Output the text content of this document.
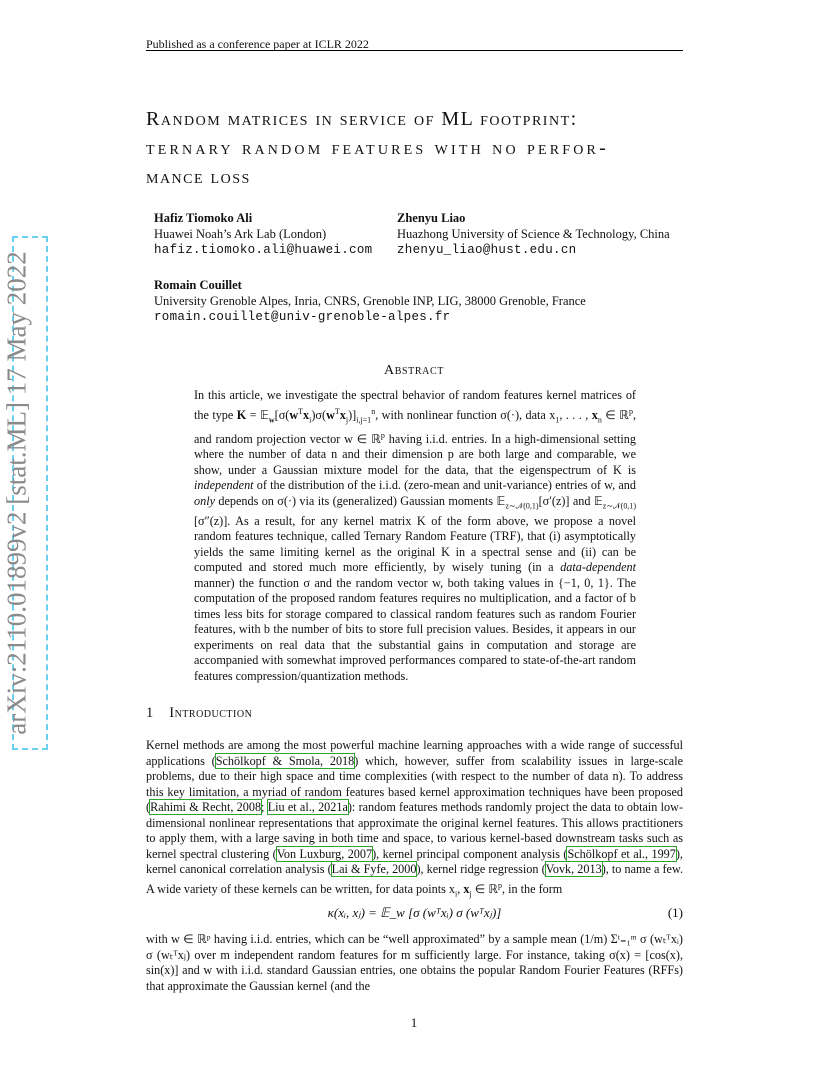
arXiv:2110.01899v2 [stat.ML] 17 May 2022
Published as a conference paper at ICLR 2022
Random matrices in service of ML footprint:
ternary random features with no perfor-
mance loss
Hafiz Tiomoko Ali
Huawei Noah’s Ark Lab (London)
hafiz.tiomoko.ali@huawei.com
Zhenyu Liao
Huazhong University of Science & Technology, China
zhenyu_liao@hust.edu.cn
Romain Couillet
University Grenoble Alpes, Inria, CNRS, Grenoble INP, LIG, 38000 Grenoble, France
romain.couillet@univ-grenoble-alpes.fr
Abstract

In this article, we investigate the spectral behavior of random features kernel matrices of the type $K = 𝔼_w[\sigma(w^Tx_i)\sigma(w^Tx_j)]_{i,j=1}^n$, with nonlinear function σ(·), data $x_1$, . . . , $x_n$ ∈ ℝ$^p$, and random projection vector w ∈ ℝ$^p$ having i.i.d. entries. In a high-dimensional setting where the number of data n and their dimension p are both large and comparable, we show, under a Gaussian mixture model for the data, that the eigenspectrum of K is independent of the distribution of the i.i.d. (zero-mean and unit-variance) entries of w, and only depends on σ(·) via its (generalized) Gaussian moments 𝔼$_{z\sim 𝒩(0,1)}$[σ′(z)] and 𝔼$_{z\sim 𝒩(0,1)}$[σ″(z)]. As a result, for any kernel matrix K of the form above, we propose a novel random features technique, called Ternary Random Feature (TRF), that (i) asymptotically yields the same limiting kernel as the original K in a spectral sense and (ii) can be computed and stored much more efficiently, by wisely tuning (in a data-dependent manner) the function σ and the random vector w, both taking values in {−1, 0, 1}. The computation of the proposed random features requires no multiplication, and a factor of b times less bits for storage compared to classical random features such as random Fourier features, with b the number of bits to store full precision values. Besides, it appears in our experiments on real data that the substantial gains in computation and storage are accompanied with somewhat improved performances compared to state-of-the-art random features compression/quantization methods.

1 Introduction

Kernel methods are among the most powerful machine learning approaches with a wide range of successful applications (Schölkopf & Smola, 2018) which, however, suffer from scalability issues in large-scale problems, due to their high space and time complexities (with respect to the number of data n). To address this key limitation, a myriad of random features based kernel approximation techniques have been proposed (Rahimi & Recht, 2008; Liu et al., 2021a): random features methods randomly project the data to obtain low-dimensional nonlinear representations that approximate the original kernel features. This allows practitioners to apply them, with a large saving in both time and space, to various kernel-based downstream tasks such as kernel spectral clustering (Von Luxburg, 2007), kernel principal component analysis (Schölkopf et al., 1997), kernel canonical correlation analysis (Lai & Fyfe, 2000), kernel ridge regression (Vovk, 2013), to name a few. A wide variety of these kernels can be written, for data points $x_i$, $x_j$ ∈ ℝ$^p$, in the form

κ(xᵢ, xⱼ) = 𝔼_w [σ (wᵀxᵢ) σ (wᵀxⱼ)]	(1)

with w ∈ ℝᵖ having i.i.d. entries, which can be “well approximated” by a sample mean (1/m) Σᵗ₌₁ᵐ σ (wₜᵀxᵢ) σ (wₜᵀxⱼ) over m independent random features for m sufficiently large. For instance, taking σ(x) = [cos(x), sin(x)] and w with i.i.d. standard Gaussian entries, one obtains the popular Random Fourier Features (RFFs) that approximate the Gaussian kernel (and the

1
